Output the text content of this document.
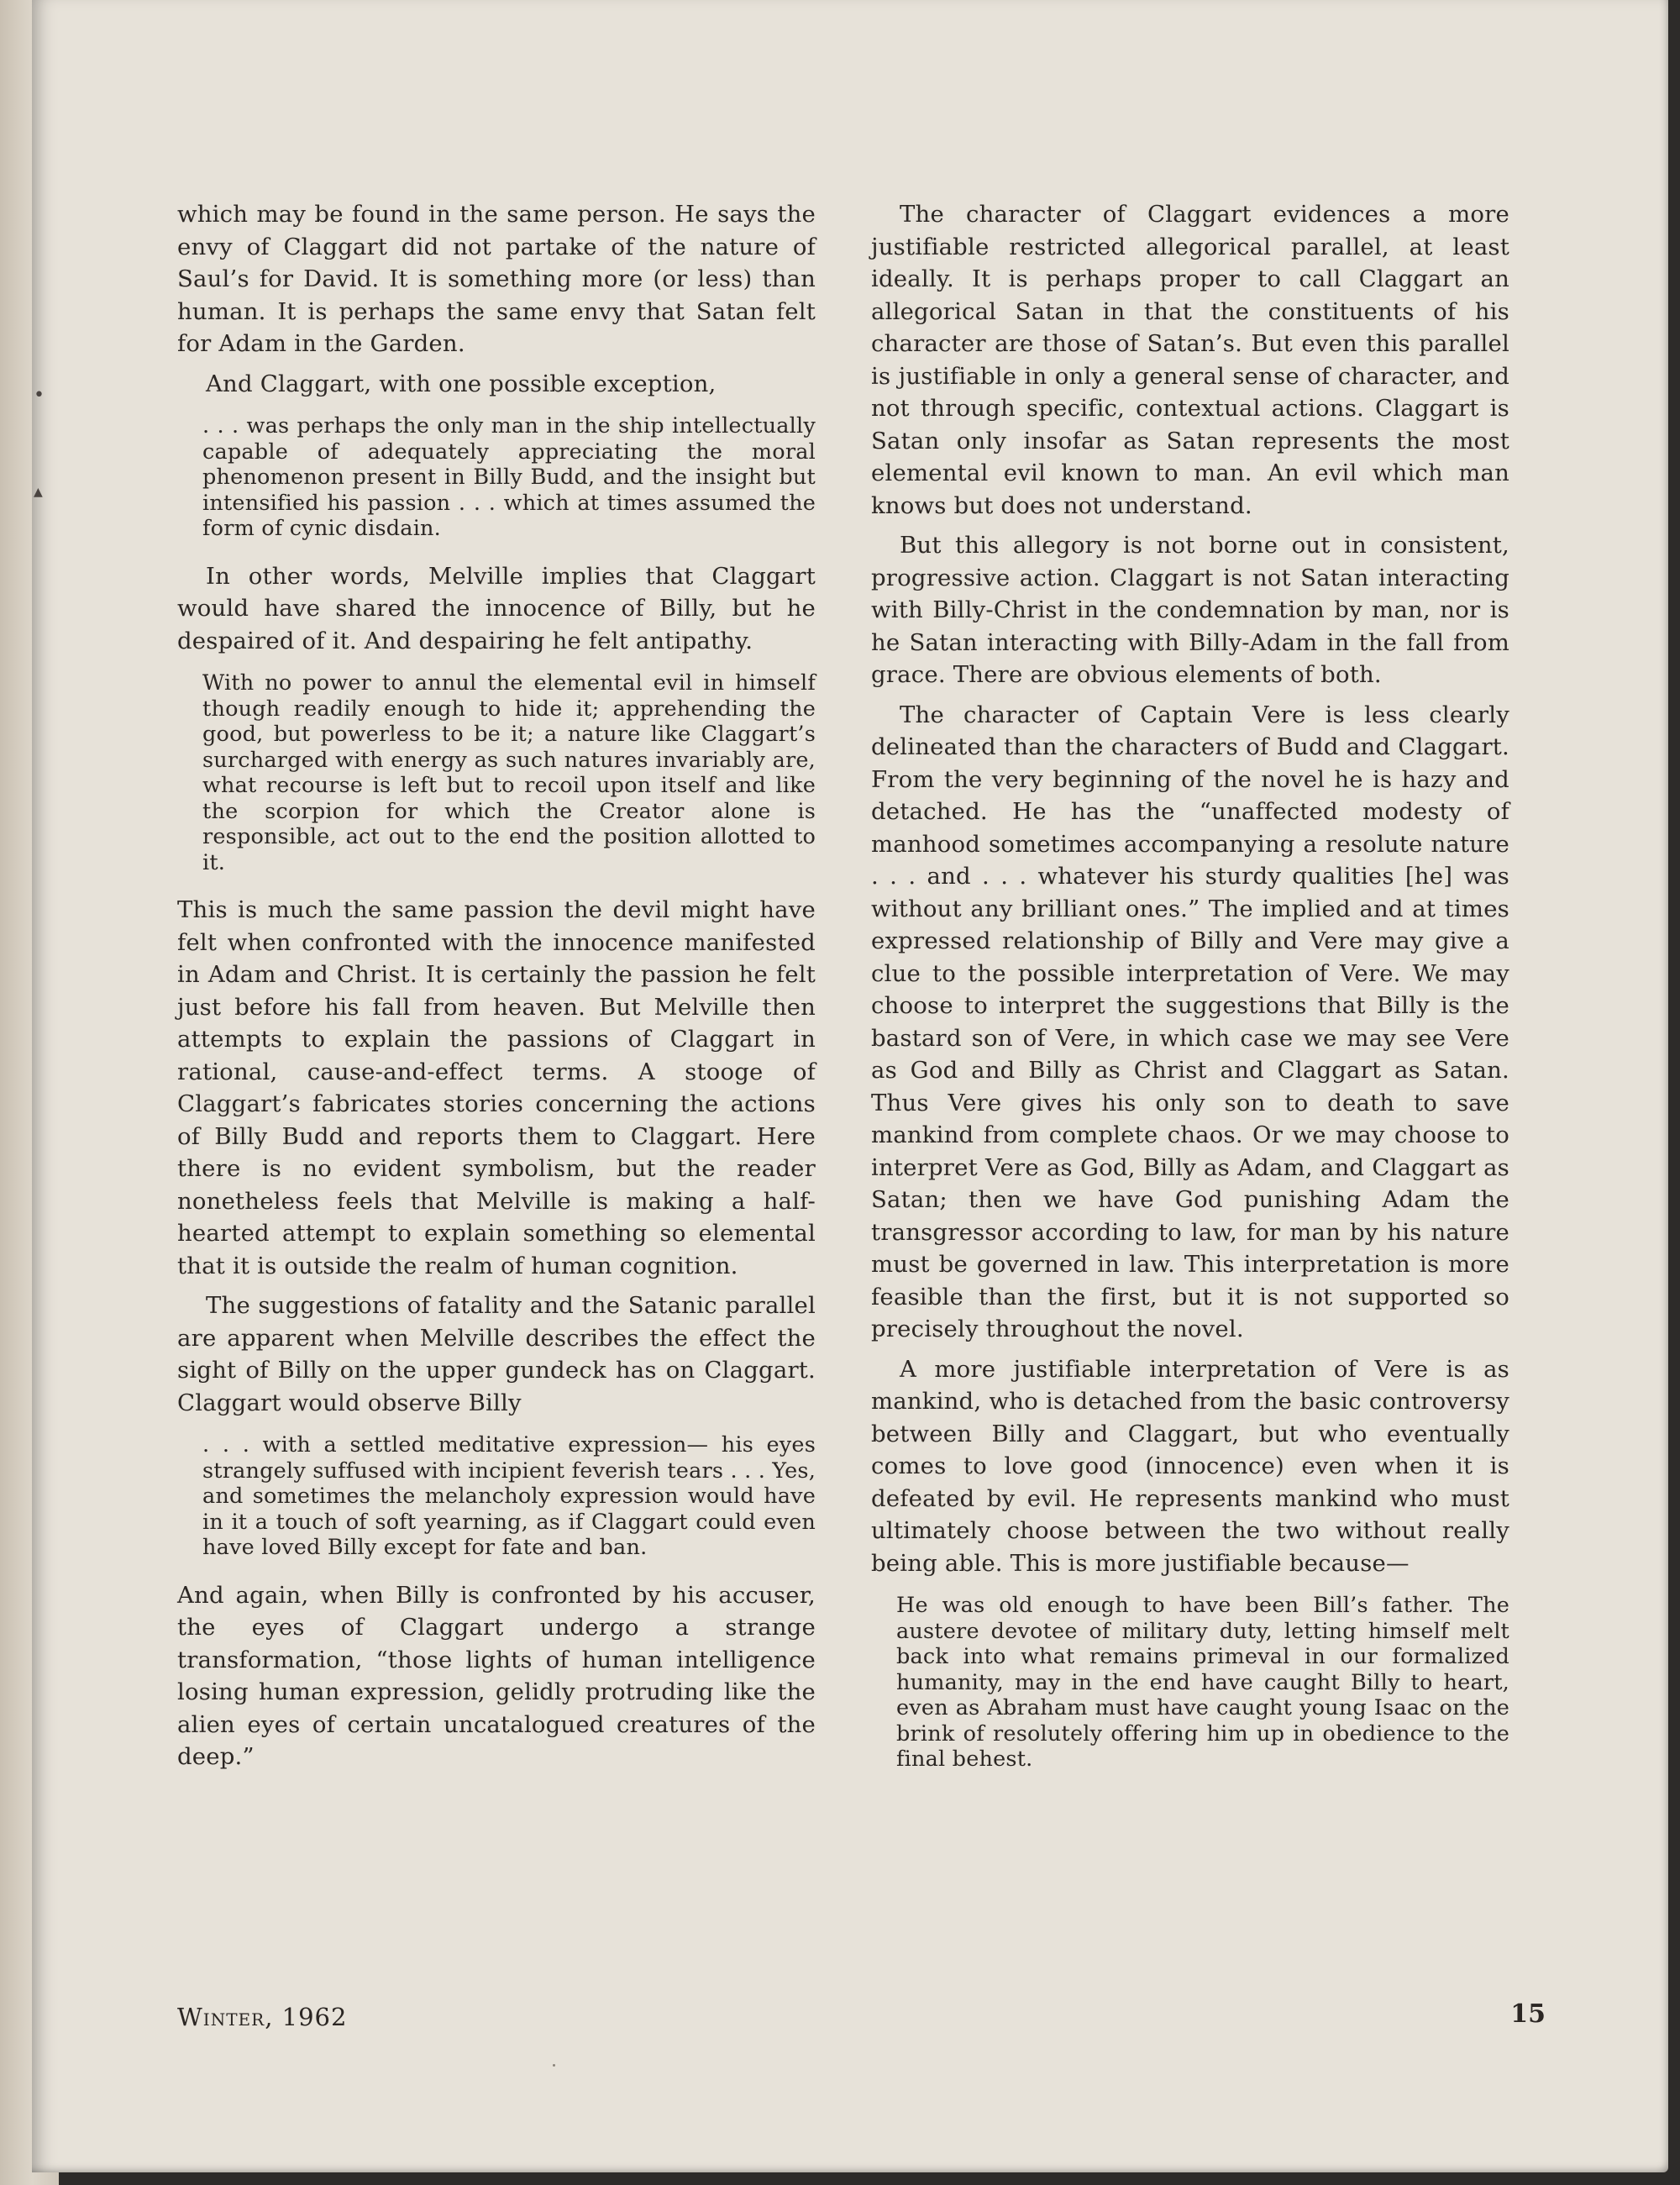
•
▲

which may be found in the same person. He says the envy of Claggart did not partake of the nature of Saul’s for David. It is something more (or less) than human. It is perhaps the same envy that Satan felt for Adam in the Garden.

And Claggart, with one possible exception,

. . . was perhaps the only man in the ship intellectually capable of adequately appreciating the moral phenomenon present in Billy Budd, and the insight but intensified his passion . . . which at times assumed the form of cynic disdain.

In other words, Melville implies that Claggart would have shared the innocence of Billy, but he despaired of it. And despairing he felt antipathy.

With no power to annul the elemental evil in himself though readily enough to hide it; apprehending the good, but powerless to be it; a nature like Claggart’s surcharged with energy as such natures invariably are, what recourse is left but to recoil upon itself and like the scorpion for which the Creator alone is responsible, act out to the end the position allotted to it.

This is much the same passion the devil might have felt when confronted with the innocence manifested in Adam and Christ. It is certainly the passion he felt just before his fall from heaven. But Melville then attempts to explain the passions of Claggart in rational, cause-and-effect terms. A stooge of Claggart’s fabricates stories concerning the actions of Billy Budd and reports them to Claggart. Here there is no evident symbolism, but the reader nonetheless feels that Melville is making a half-hearted attempt to explain something so elemental that it is outside the realm of human cognition.

The suggestions of fatality and the Satanic parallel are apparent when Melville describes the effect the sight of Billy on the upper gundeck has on Claggart. Claggart would observe Billy

. . . with a settled meditative expression— his eyes strangely suffused with incipient feverish tears . . . Yes, and sometimes the melancholy expression would have in it a touch of soft yearning, as if Claggart could even have loved Billy except for fate and ban.

And again, when Billy is confronted by his accuser, the eyes of Claggart undergo a strange transformation, “those lights of human intelligence losing human expression, gelidly protruding like the alien eyes of certain uncatalogued creatures of the deep.”

The character of Claggart evidences a more justifiable restricted allegorical parallel, at least ideally. It is perhaps proper to call Claggart an allegorical Satan in that the constituents of his character are those of Satan’s. But even this parallel is justifiable in only a general sense of character, and not through specific, contextual actions. Claggart is Satan only insofar as Satan represents the most elemental evil known to man. An evil which man knows but does not understand.

But this allegory is not borne out in consistent, progressive action. Claggart is not Satan interacting with Billy-Christ in the condemnation by man, nor is he Satan interacting with Billy-Adam in the fall from grace. There are obvious elements of both.

The character of Captain Vere is less clearly delineated than the characters of Budd and Claggart. From the very beginning of the novel he is hazy and detached. He has the “unaffected modesty of manhood sometimes accompanying a resolute nature . . . and . . . whatever his sturdy qualities [he] was without any brilliant ones.” The implied and at times expressed relationship of Billy and Vere may give a clue to the possible interpretation of Vere. We may choose to interpret the suggestions that Billy is the bastard son of Vere, in which case we may see Vere as God and Billy as Christ and Claggart as Satan. Thus Vere gives his only son to death to save mankind from complete chaos. Or we may choose to interpret Vere as God, Billy as Adam, and Claggart as Satan; then we have God punishing Adam the transgressor according to law, for man by his nature must be governed in law. This interpretation is more feasible than the first, but it is not supported so precisely throughout the novel.

A more justifiable interpretation of Vere is as mankind, who is detached from the basic controversy between Billy and Claggart, but who eventually comes to love good (innocence) even when it is defeated by evil. He represents mankind who must ultimately choose between the two without really being able. This is more justifiable because—

He was old enough to have been Bill’s father. The austere devotee of military duty, letting himself melt back into what remains primeval in our formalized humanity, may in the end have caught Billy to heart, even as Abraham must have caught young Isaac on the brink of resolutely offering him up in obedience to the final behest.
Winter, 1962	15
